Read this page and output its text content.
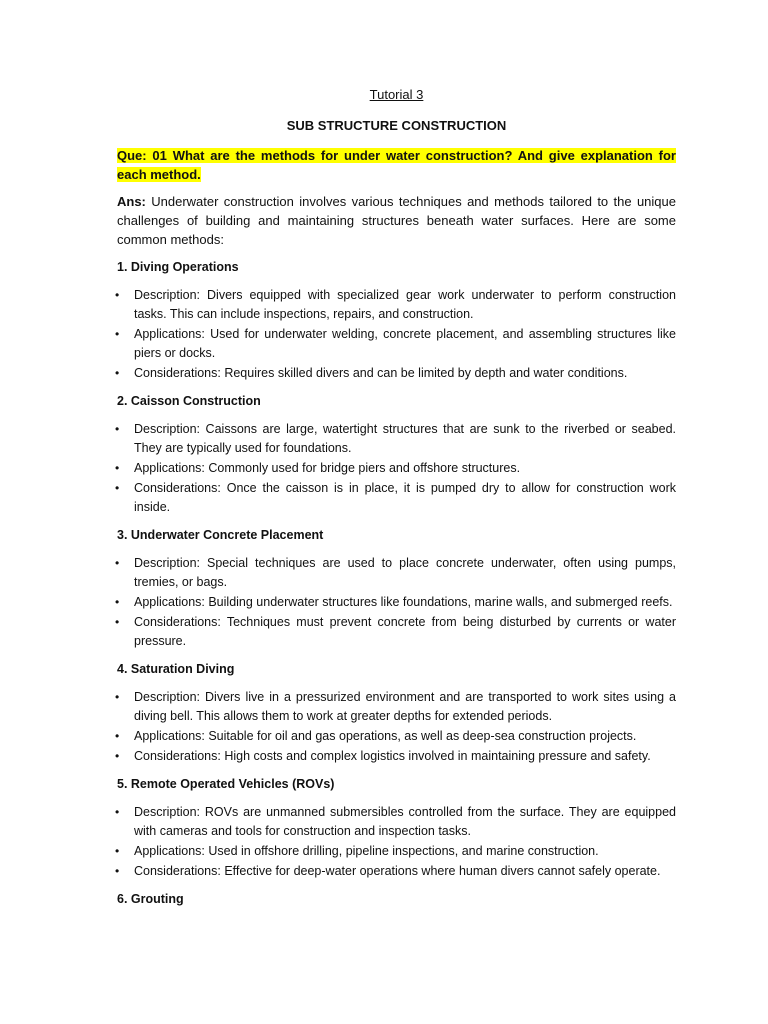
Tutorial 3
SUB STRUCTURE CONSTRUCTION
Que: 01 What are the methods for under water construction? And give explanation for each method.
Ans: Underwater construction involves various techniques and methods tailored to the unique challenges of building and maintaining structures beneath water surfaces. Here are some common methods:
1. Diving Operations
• Description: Divers equipped with specialized gear work underwater to perform construction tasks. This can include inspections, repairs, and construction.
• Applications: Used for underwater welding, concrete placement, and assembling structures like piers or docks.
• Considerations: Requires skilled divers and can be limited by depth and water conditions.
2. Caisson Construction
• Description: Caissons are large, watertight structures that are sunk to the riverbed or seabed. They are typically used for foundations.
• Applications: Commonly used for bridge piers and offshore structures.
• Considerations: Once the caisson is in place, it is pumped dry to allow for construction work inside.
3. Underwater Concrete Placement
• Description: Special techniques are used to place concrete underwater, often using pumps, tremies, or bags.
• Applications: Building underwater structures like foundations, marine walls, and submerged reefs.
• Considerations: Techniques must prevent concrete from being disturbed by currents or water pressure.
4. Saturation Diving
• Description: Divers live in a pressurized environment and are transported to work sites using a diving bell. This allows them to work at greater depths for extended periods.
• Applications: Suitable for oil and gas operations, as well as deep-sea construction projects.
• Considerations: High costs and complex logistics involved in maintaining pressure and safety.
5. Remote Operated Vehicles (ROVs)
• Description: ROVs are unmanned submersibles controlled from the surface. They are equipped with cameras and tools for construction and inspection tasks.
• Applications: Used in offshore drilling, pipeline inspections, and marine construction.
• Considerations: Effective for deep-water operations where human divers cannot safely operate.
6. Grouting
